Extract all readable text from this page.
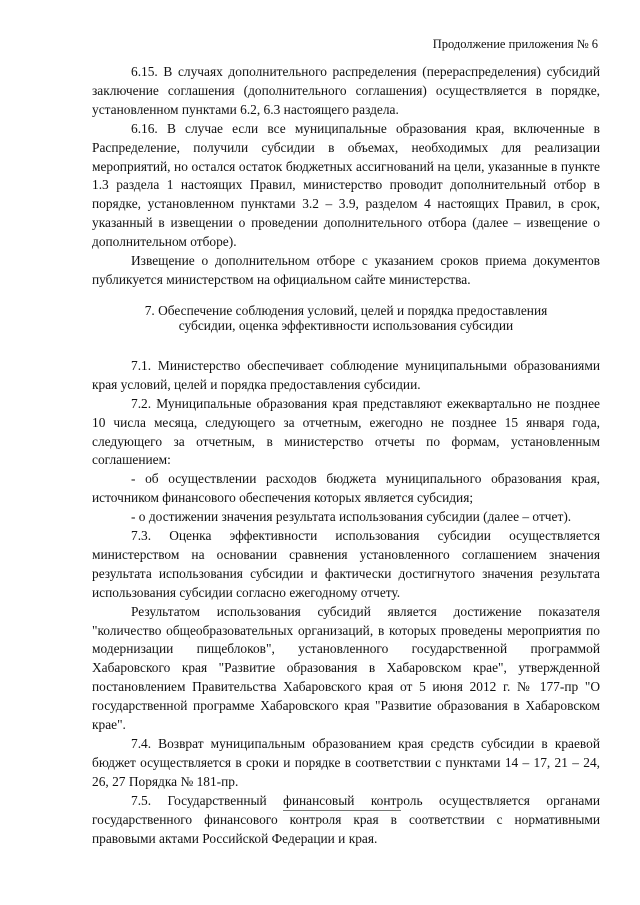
Продолжение приложения № 6

6.15. В случаях дополнительного распределения (перераспределения) субсидий заключение соглашения (дополнительного соглашения) осуществляется в порядке, установленном пунктами 6.2, 6.3 настоящего раздела.

6.16. В случае если все муниципальные образования края, включенные в Распределение, получили субсидии в объемах, необходимых для реализации мероприятий, но остался остаток бюджетных ассигнований на цели, указанные в пункте 1.3 раздела 1 настоящих Правил, министерство проводит дополнительный отбор в порядке, установленном пунктами 3.2 – 3.9, разделом 4 настоящих Правил, в срок, указанный в извещении о проведении дополнительного отбора (далее – извещение о дополнительном отборе).

Извещение о дополнительном отборе с указанием сроков приема документов публикуется министерством на официальном сайте министерства.

7. Обеспечение соблюдения условий, целей и порядка предоставления
субсидии, оценка эффективности использования субсидии

7.1. Министерство обеспечивает соблюдение муниципальными образованиями края условий, целей и порядка предоставления субсидии.

7.2. Муниципальные образования края представляют ежеквартально не позднее 10 числа месяца, следующего за отчетным, ежегодно не позднее 15 января года, следующего за отчетным, в министерство отчеты по формам, установленным соглашением:

- об осуществлении расходов бюджета муниципального образования края, источником финансового обеспечения которых является субсидия;

- о достижении значения результата использования субсидии (далее – отчет).

7.3. Оценка эффективности использования субсидии осуществляется министерством на основании сравнения установленного соглашением значения результата использования субсидии и фактически достигнутого значения результата использования субсидии согласно ежегодному отчету.

Результатом использования субсидий является достижение показателя "количество общеобразовательных организаций, в которых проведены мероприятия по модернизации пищеблоков", установленного государственной программой Хабаровского края "Развитие образования в Хабаровском крае", утвержденной постановлением Правительства Хабаровского края от 5 июня 2012 г. № 177-пр "О государственной программе Хабаровского края "Развитие образования в Хабаровском крае".

7.4. Возврат муниципальным образованием края средств субсидии в краевой бюджет осуществляется в сроки и порядке в соответствии с пунктами 14 – 17, 21 – 24, 26, 27 Порядка № 181-пр.

7.5. Государственный финансовый контроль осуществляется органами государственного финансового контроля края в соответствии с нормативными правовыми актами Российской Федерации и края.
